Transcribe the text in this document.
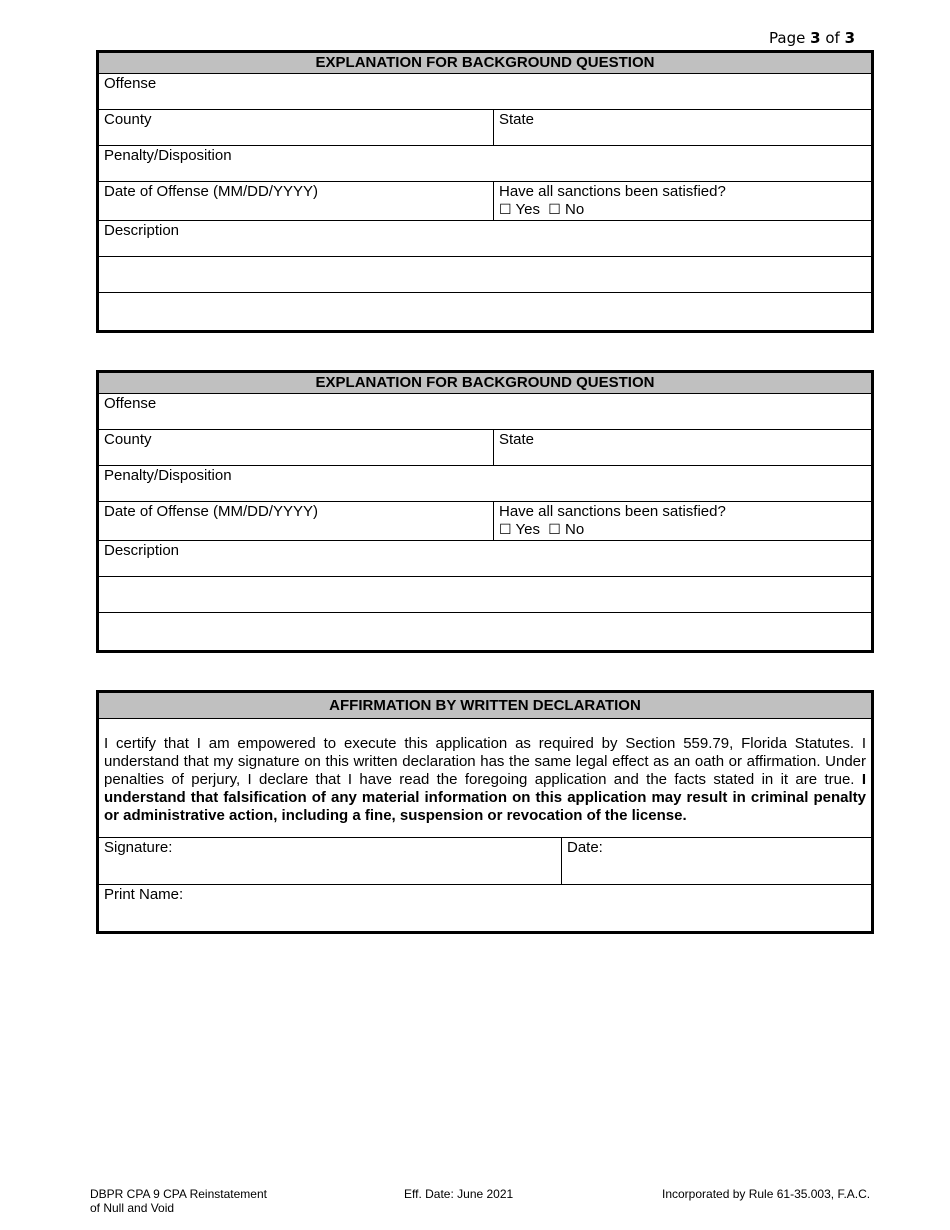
Page 3 of 3
EXPLANATION FOR BACKGROUND QUESTION
Offense
County	State
Penalty/Disposition
Date of Offense (MM/DD/YYYY)	Have all sanctions been satisfied?
☐ Yes ☐ No
Description
EXPLANATION FOR BACKGROUND QUESTION
Offense
County	State
Penalty/Disposition
Date of Offense (MM/DD/YYYY)	Have all sanctions been satisfied?
☐ Yes ☐ No
Description
AFFIRMATION BY WRITTEN DECLARATION
I certify that I am empowered to execute this application as required by Section 559.79, Florida Statutes. I understand that my signature on this written declaration has the same legal effect as an oath or affirmation. Under penalties of perjury, I declare that I have read the foregoing application and the facts stated in it are true. I understand that falsification of any material information on this application may result in criminal penalty or administrative action, including a fine, suspension or revocation of the license.
Signature:	Date:
Print Name:
DBPR CPA 9 CPA Reinstatement
of Null and Void
Eff. Date: June 2021	Incorporated by Rule 61-35.003, F.A.C.
